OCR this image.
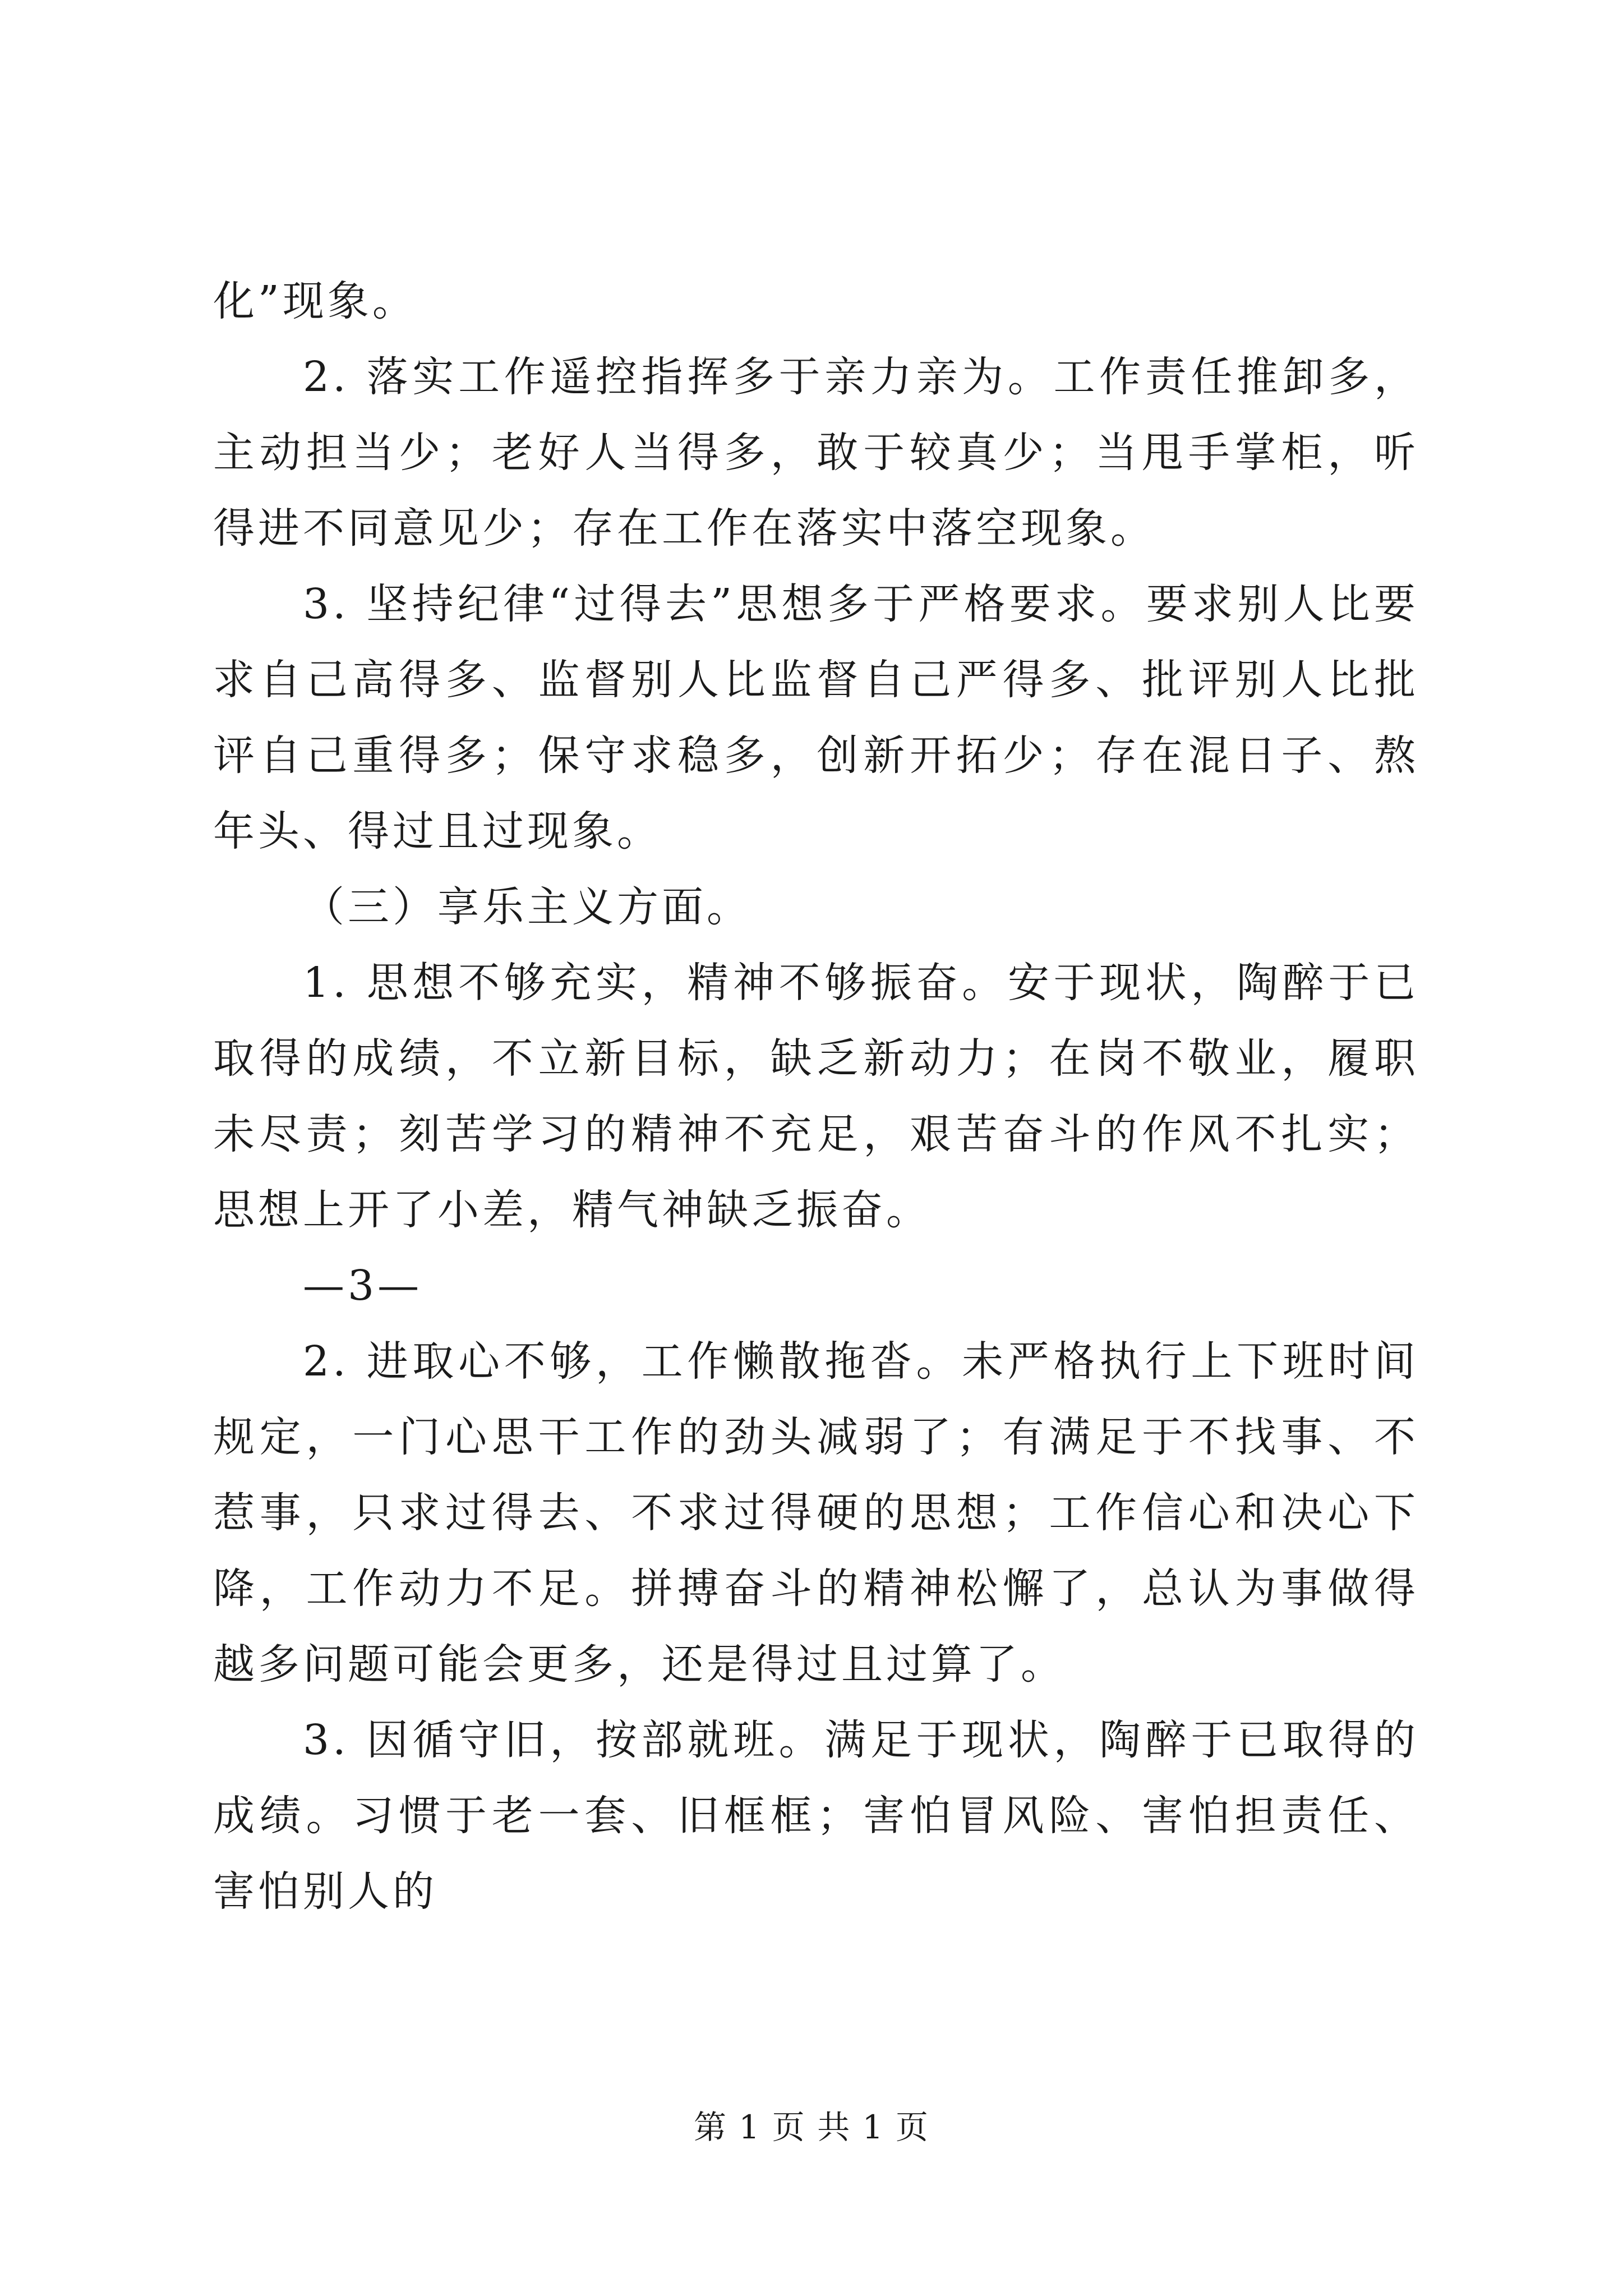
化”现象。

2. 落实工作遥控指挥多于亲力亲为。工作责任推卸多，主动担当少；老好人当得多，敢于较真少；当甩手掌柜，听得进不同意见少；存在工作在落实中落空现象。

3. 坚持纪律“过得去”思想多于严格要求。要求别人比要求自己高得多、监督别人比监督自己严得多、批评别人比批评自己重得多；保守求稳多，创新开拓少；存在混日子、熬年头、得过且过现象。

（三）享乐主义方面。

1. 思想不够充实，精神不够振奋。安于现状，陶醉于已取得的成绩，不立新目标，缺乏新动力；在岗不敬业，履职未尽责；刻苦学习的精神不充足，艰苦奋斗的作风不扎实；思想上开了小差，精气神缺乏振奋。

—3—

2. 进取心不够，工作懒散拖沓。未严格执行上下班时间规定，一门心思干工作的劲头减弱了；有满足于不找事、不惹事，只求过得去、不求过得硬的思想；工作信心和决心下降，工作动力不足。拼搏奋斗的精神松懈了，总认为事做得越多问题可能会更多，还是得过且过算了。

3. 因循守旧，按部就班。满足于现状，陶醉于已取得的成绩。习惯于老一套、旧框框；害怕冒风险、害怕担责任、害怕别人的

第 1 页 共 1 页
